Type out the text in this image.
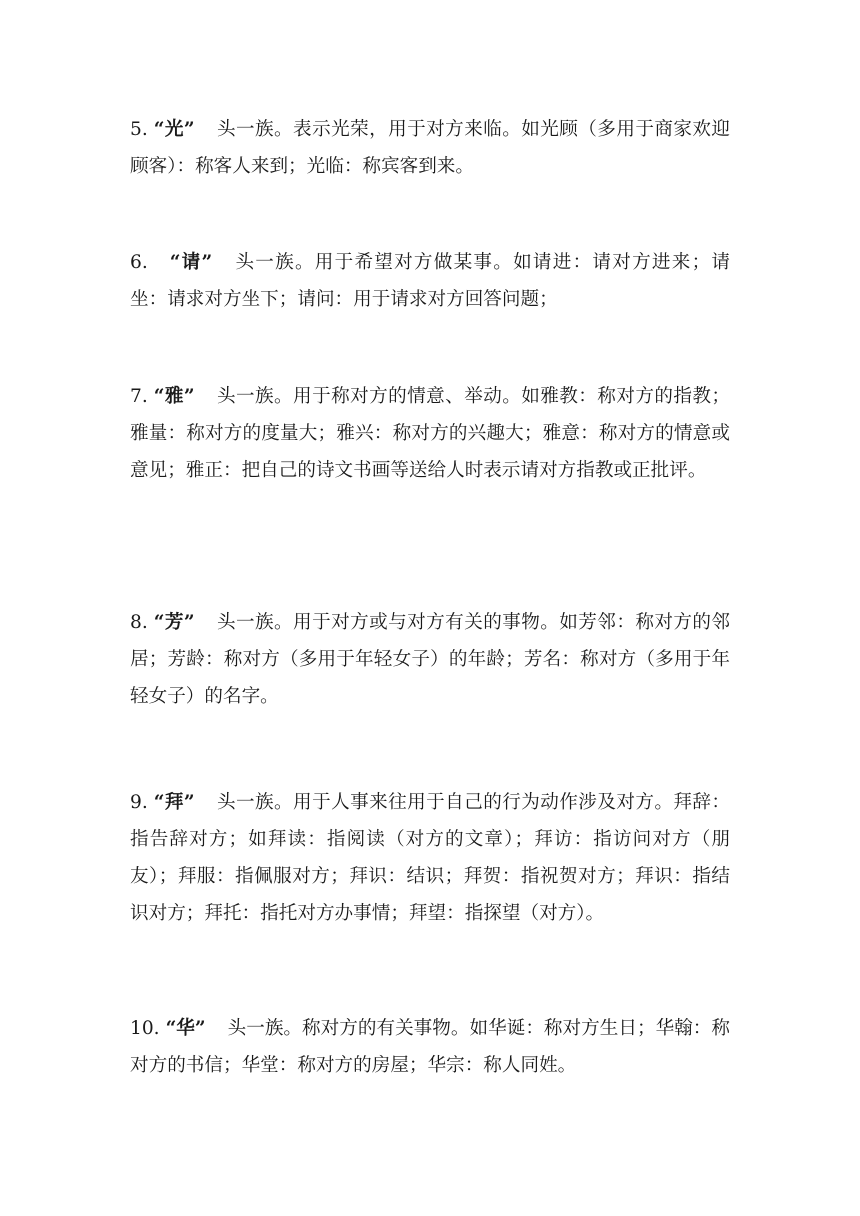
5. “光” 头一族。表示光荣，用于对方来临。如光顾（多用于商家欢迎顾客）：称客人来到；光临：称宾客到来。

6. “请” 头一族。用于希望对方做某事。如请进：请对方进来；请坐：请求对方坐下；请问：用于请求对方回答问题；

7. “雅” 头一族。用于称对方的情意、举动。如雅教：称对方的指教；雅量：称对方的度量大；雅兴：称对方的兴趣大；雅意：称对方的情意或意见；雅正：把自己的诗文书画等送给人时表示请对方指教或正批评。

8. “芳” 头一族。用于对方或与对方有关的事物。如芳邻：称对方的邻居；芳龄：称对方（多用于年轻女子）的年龄；芳名：称对方（多用于年轻女子）的名字。

9. “拜” 头一族。用于人事来往用于自己的行为动作涉及对方。拜辞：指告辞对方；如拜读：指阅读（对方的文章）；拜访：指访问对方（朋友）；拜服：指佩服对方；拜识：结识；拜贺：指祝贺对方；拜识：指结识对方；拜托：指托对方办事情；拜望：指探望（对方）。

10. “华” 头一族。称对方的有关事物。如华诞：称对方生日；华翰：称对方的书信；华堂：称对方的房屋；华宗：称人同姓。
